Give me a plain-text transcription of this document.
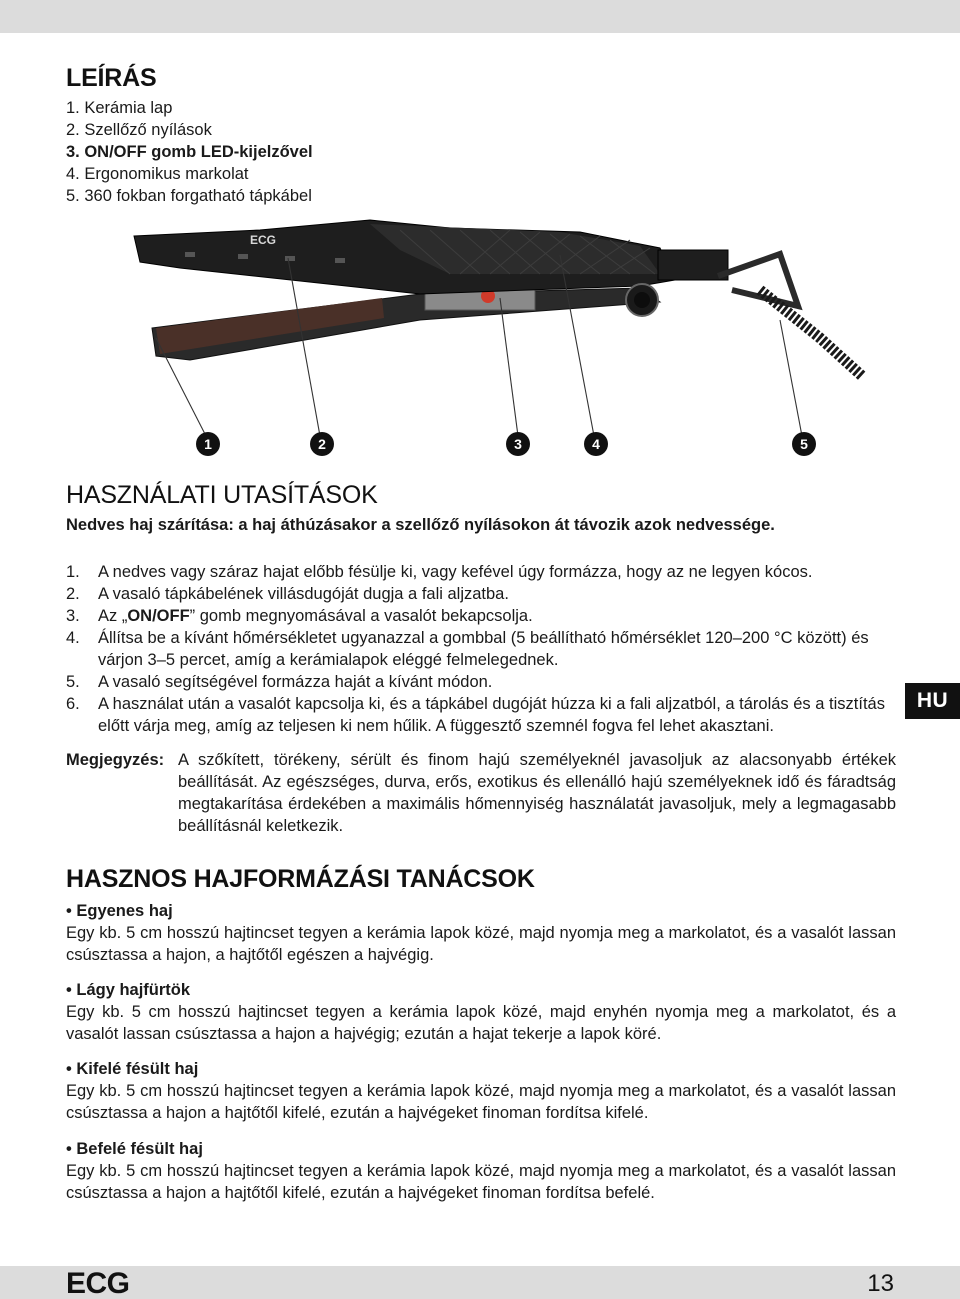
LEÍRÁS
1. Kerámia lap
2. Szellőző nyílások
3. ON/OFF gomb LED-kijelzővel
4. Ergonomikus markolat
5. 360 fokban forgatható tápkábel
ECG
1	2	3	4	5
HASZNÁLATI UTASÍTÁSOK
Nedves haj szárítása: a haj áthúzásakor a szellőző nyílásokon át távozik azok nedvessége.
1.	A nedves vagy száraz hajat előbb fésülje ki, vagy kefével úgy formázza, hogy az ne legyen kócos.
2.	A vasaló tápkábelének villásdugóját dugja a fali aljzatba.
3.	Az „ON/OFF” gomb megnyomásával a vasalót bekapcsolja.
4.	Állítsa be a kívánt hőmérsékletet ugyanazzal a gombbal (5 beállítható hőmérséklet 120–200 °C között) és várjon 3–5 percet, amíg a kerámialapok eléggé felmelegednek.
5.	A vasaló segítségével formázza haját a kívánt módon.
6.	A használat után a vasalót kapcsolja ki, és a tápkábel dugóját húzza ki a fali aljzatból, a tárolás és a tisztítás előtt várja meg, amíg az teljesen ki nem hűlik. A függesztő szemnél fogva fel lehet akasztani.
Megjegyzés: A szőkített, törékeny, sérült és finom hajú személyeknél javasoljuk az alacsonyabb értékek beállítását. Az egészséges, durva, erős, exotikus és ellenálló hajú személyeknek idő és fáradtság megtakarítása érdekében a maximális hőmennyiség használatát javasoljuk, mely a legmagasabb beállításnál keletkezik.
HASZNOS HAJFORMÁZÁSI TANÁCSOK
• Egyenes haj
Egy kb. 5 cm hosszú hajtincset tegyen a kerámia lapok közé, majd nyomja meg a markolatot, és a vasalót lassan csúsztassa a hajon, a hajtőtől egészen a hajvégig.
• Lágy hajfürtök
Egy kb. 5 cm hosszú hajtincset tegyen a kerámia lapok közé, majd enyhén nyomja meg a markolatot, és a vasalót lassan csúsztassa a hajon a hajvégig; ezután a hajat tekerje a lapok köré.
• Kifelé fésült haj
Egy kb. 5 cm hosszú hajtincset tegyen a kerámia lapok közé, majd nyomja meg a markolatot, és a vasalót lassan csúsztassa a hajon a hajtőtől kifelé, ezután a hajvégeket finoman fordítsa kifelé.
• Befelé fésült haj
Egy kb. 5 cm hosszú hajtincset tegyen a kerámia lapok közé, majd nyomja meg a markolatot, és a vasalót lassan csúsztassa a hajon a hajtőtől kifelé, ezután a hajvégeket finoman fordítsa befelé.
HU
ECG	13
